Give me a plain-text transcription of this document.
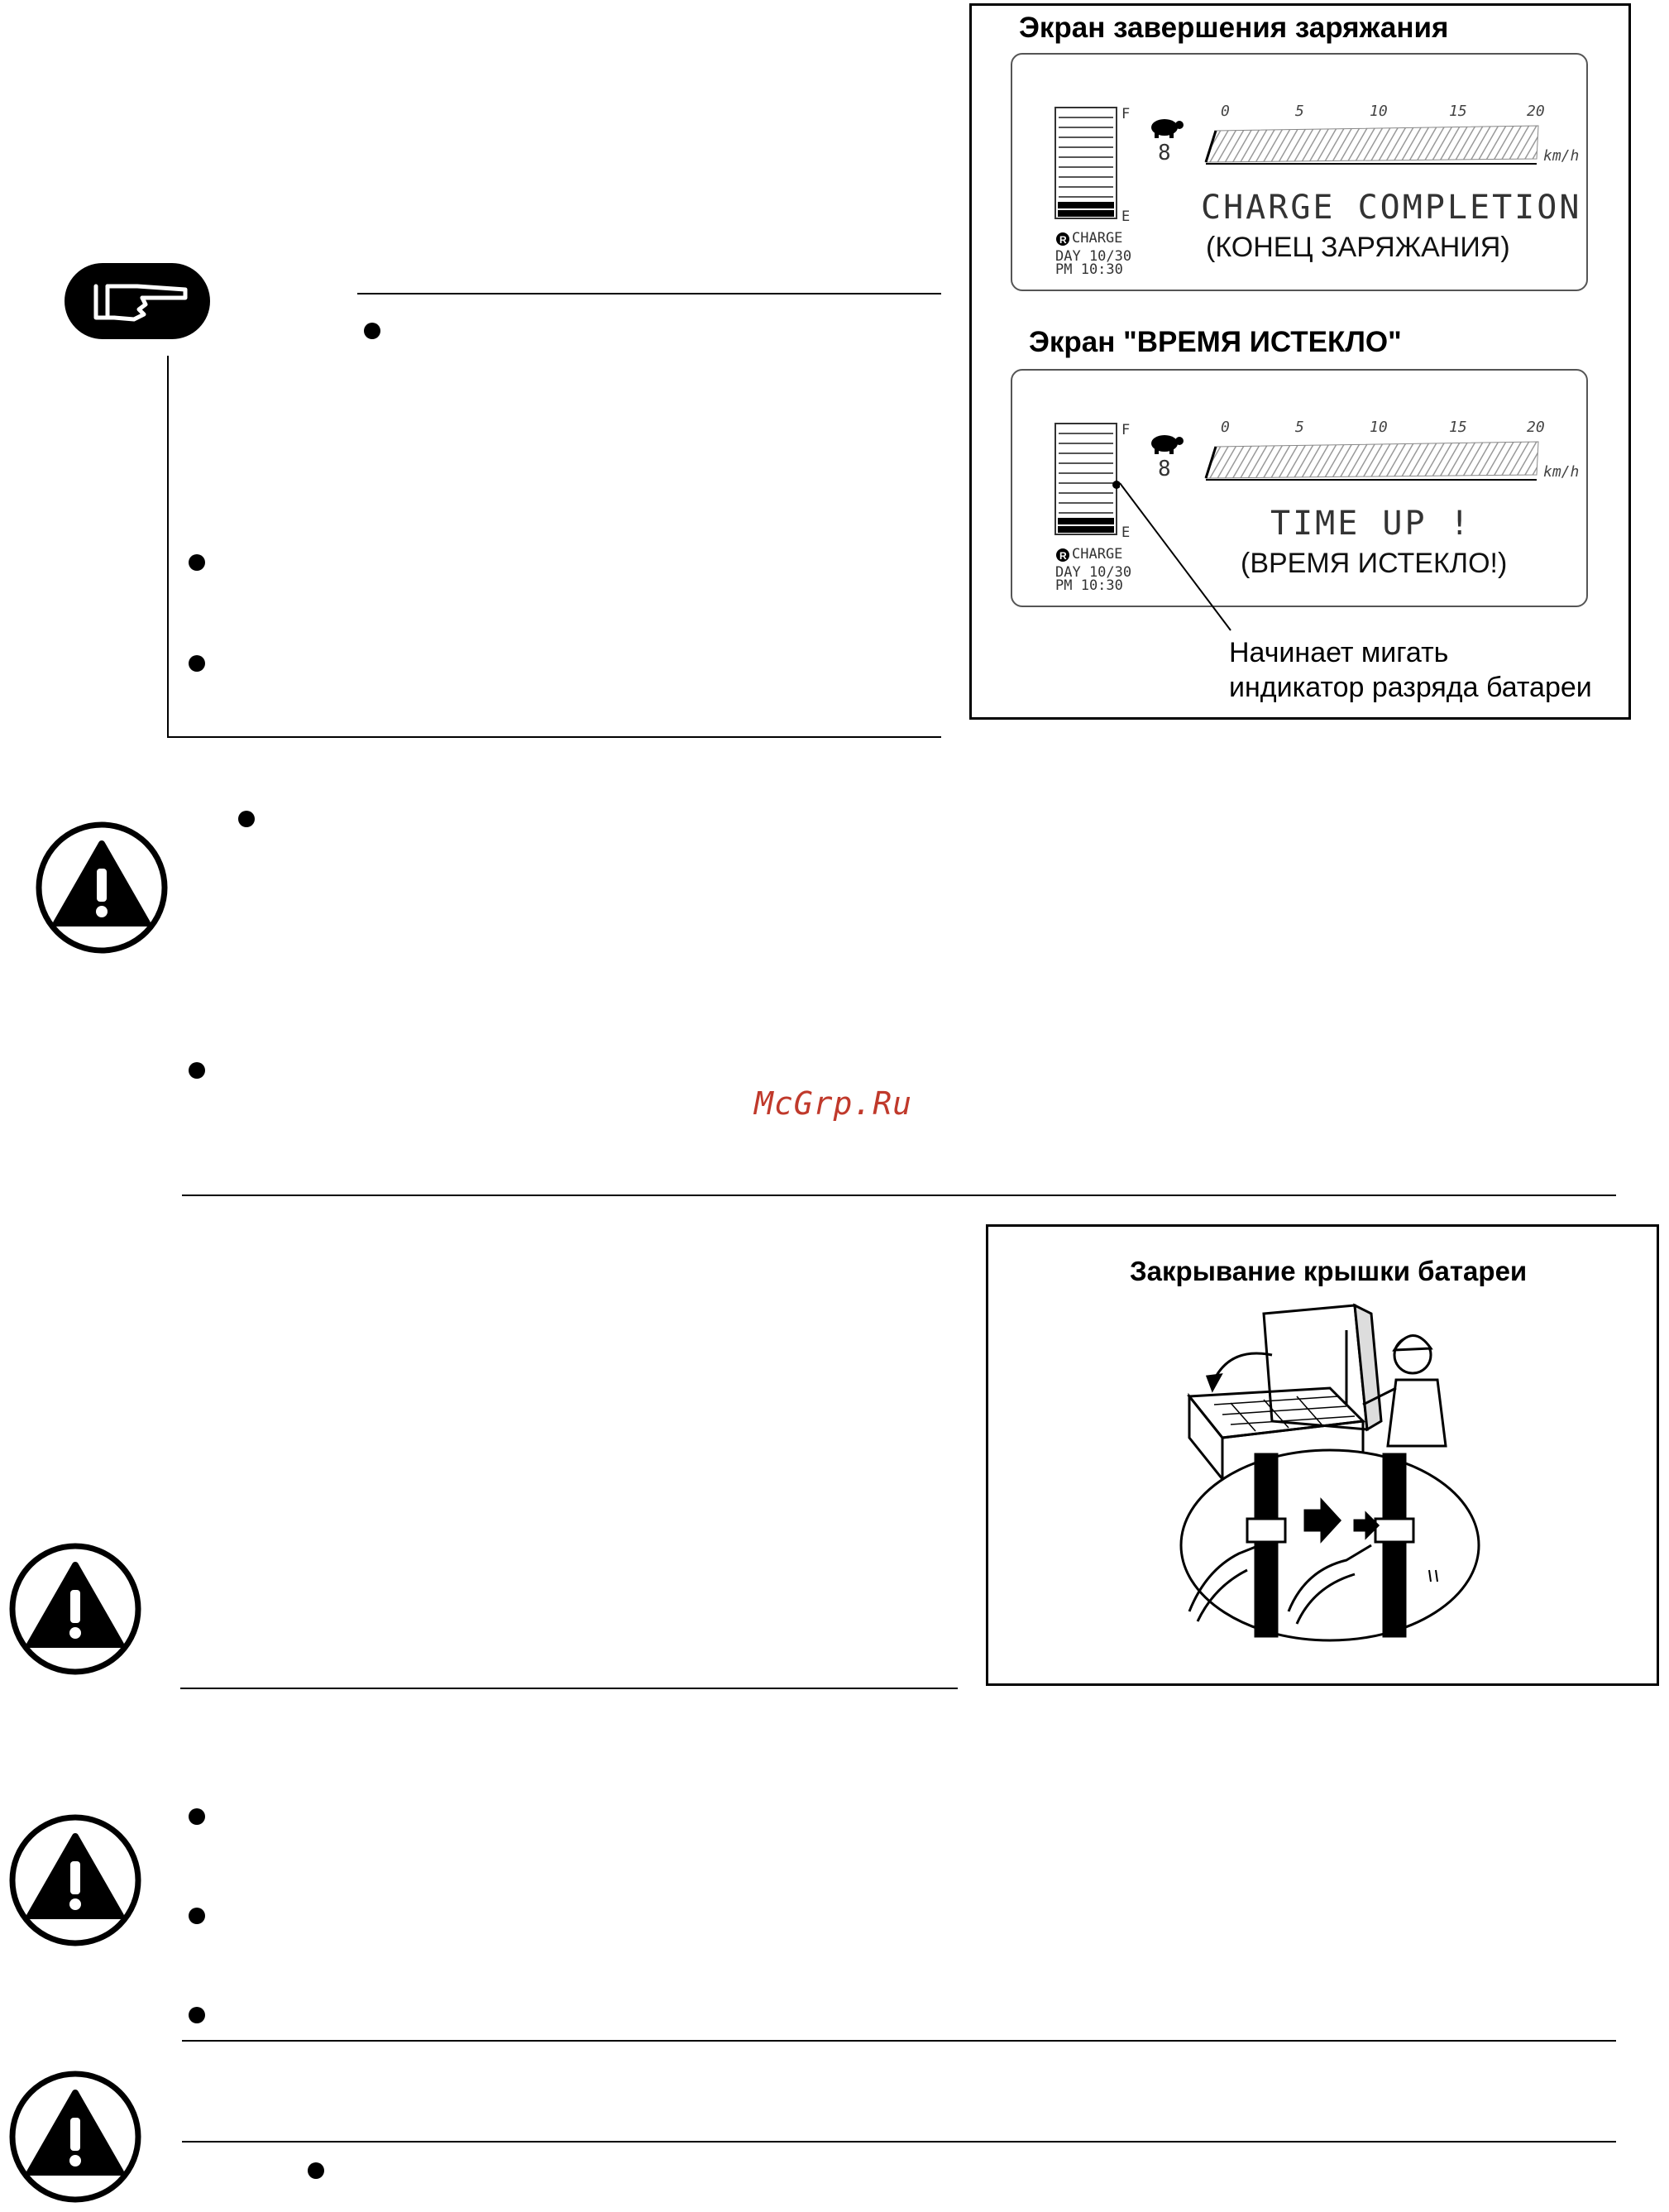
Экран завершения заряжания
F
E
R CHARGE
DAY 10/30
PM 10:30
8
0	5	10	15	20
km/h
CHARGE COMPLETION
(КОНЕЦ ЗАРЯЖАНИЯ)
Экран "ВРЕМЯ ИСТЕКЛО"
F
E
R CHARGE
DAY 10/30
PM 10:30
8
0	5	10	15	20
km/h
TIME UP !
(ВРЕМЯ ИСТЕКЛО!)
Начинает мигать
индикатор разряда батареи
McGrp.Ru
Закрывание крышки батареи
